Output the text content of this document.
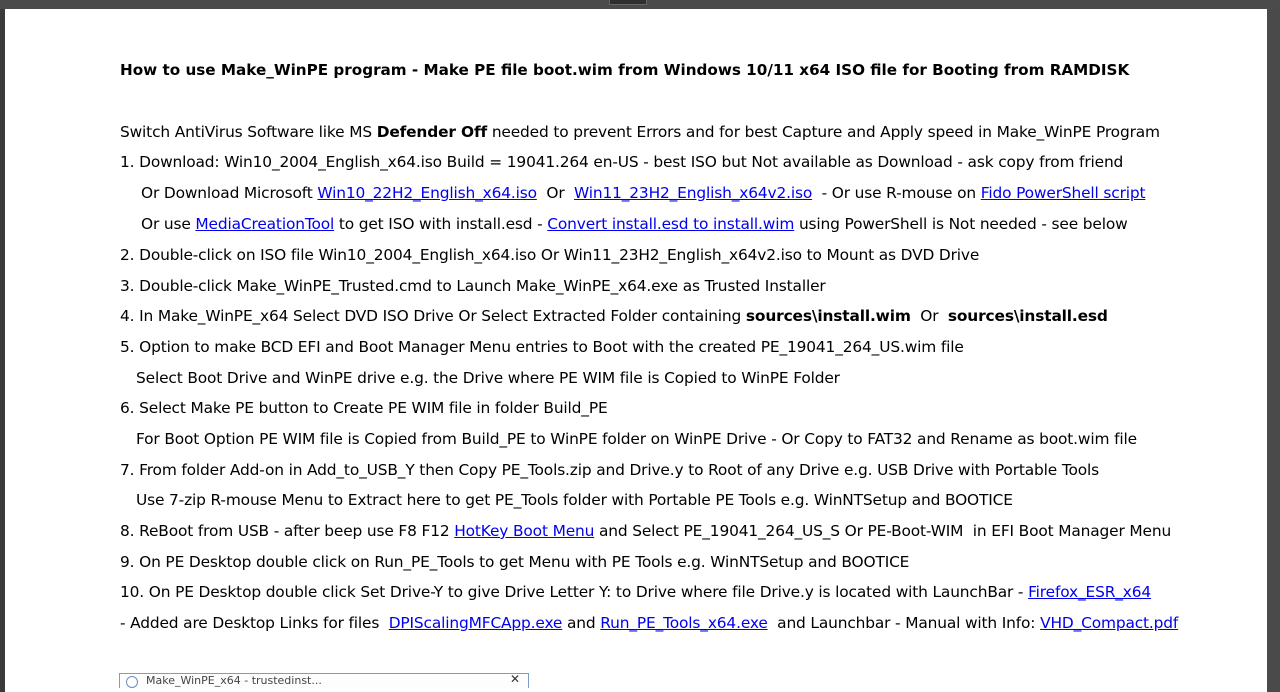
How to use Make_WinPE program - Make PE file boot.wim from Windows 10/11 x64 ISO file for Booting from RAMDISK
Switch AntiVirus Software like MS Defender Off needed to prevent Errors and for best Capture and Apply speed in Make_WinPE Program
1. Download: Win10_2004_English_x64.iso Build = 19041.264 en-US - best ISO but Not available as Download - ask copy from friend
Or Download Microsoft Win10_22H2_English_x64.iso  Or  Win11_23H2_English_x64v2.iso  - Or use R-mouse on Fido PowerShell script
Or use MediaCreationTool to get ISO with install.esd - Convert install.esd to install.wim using PowerShell is Not needed - see below
2. Double-click on ISO file Win10_2004_English_x64.iso Or Win11_23H2_English_x64v2.iso to Mount as DVD Drive
3. Double-click Make_WinPE_Trusted.cmd to Launch Make_WinPE_x64.exe as Trusted Installer
4. In Make_WinPE_x64 Select DVD ISO Drive Or Select Extracted Folder containing sources\install.wim  Or  sources\install.esd
5. Option to make BCD EFI and Boot Manager Menu entries to Boot with the created PE_19041_264_US.wim file
Select Boot Drive and WinPE drive e.g. the Drive where PE WIM file is Copied to WinPE Folder
6. Select Make PE button to Create PE WIM file in folder Build_PE
For Boot Option PE WIM file is Copied from Build_PE to WinPE folder on WinPE Drive - Or Copy to FAT32 and Rename as boot.wim file
7. From folder Add-on in Add_to_USB_Y then Copy PE_Tools.zip and Drive.y to Root of any Drive e.g. USB Drive with Portable Tools
Use 7-zip R-mouse Menu to Extract here to get PE_Tools folder with Portable PE Tools e.g. WinNTSetup and BOOTICE
8. ReBoot from USB - after beep use F8 F12 HotKey Boot Menu and Select PE_19041_264_US_S Or PE-Boot-WIM  in EFI Boot Manager Menu
9. On PE Desktop double click on Run_PE_Tools to get Menu with PE Tools e.g. WinNTSetup and BOOTICE
10. On PE Desktop double click Set Drive-Y to give Drive Letter Y: to Drive where file Drive.y is located with LaunchBar - Firefox_ESR_x64
- Added are Desktop Links for files  DPIScalingMFCApp.exe and Run_PE_Tools_x64.exe  and Launchbar - Manual with Info: VHD_Compact.pdf
Make_WinPE_x64 - trustedinst...	✕
